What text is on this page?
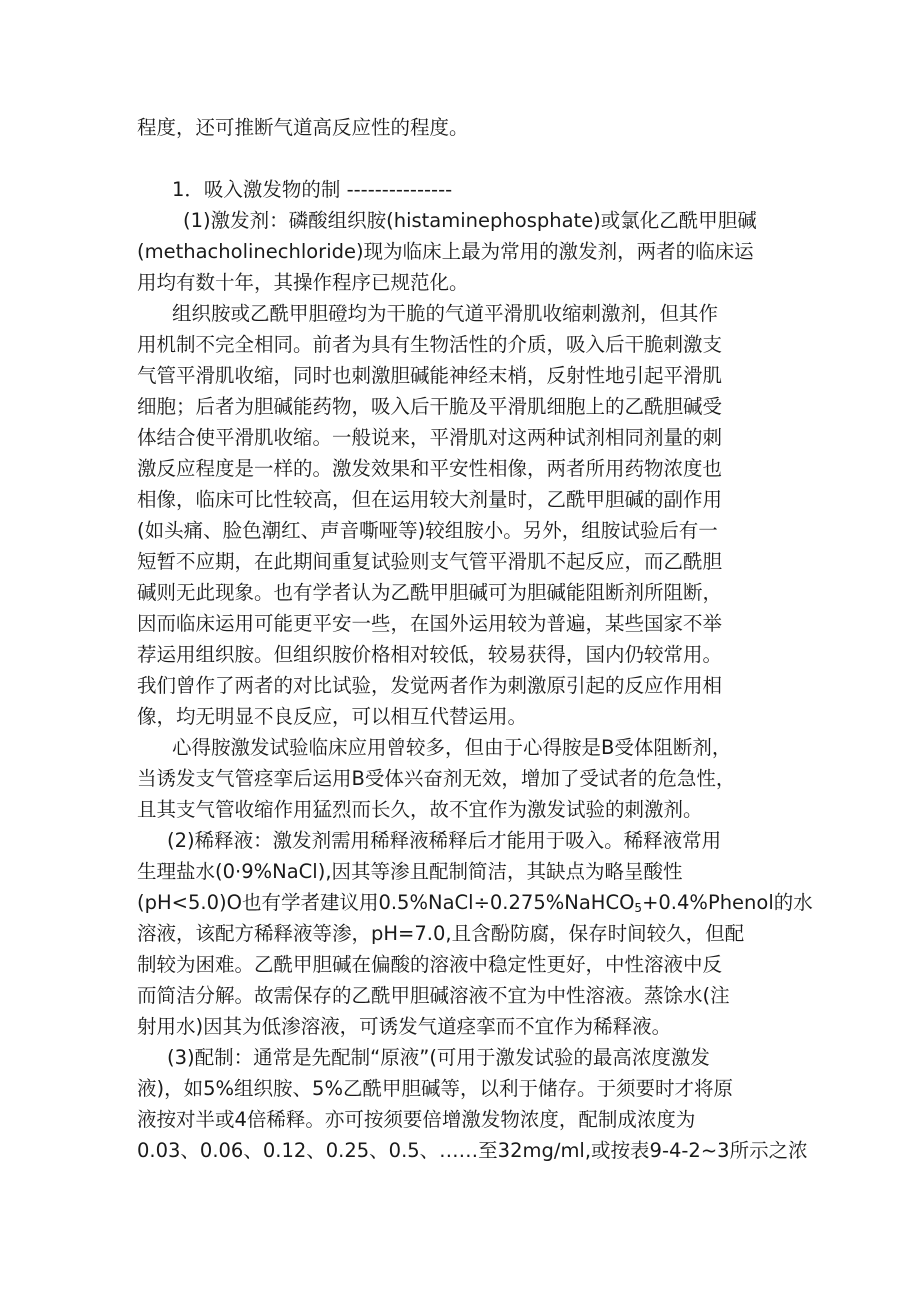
程度，还可推断气道高反应性的程度。
1．吸入激发物的制 ---------------
(1)激发剂：磷酸组织胺(histaminephosphate)或氯化乙酰甲胆碱
(methacholinechloride)现为临床上最为常用的激发剂，两者的临床运
用均有数十年，其操作程序已规范化。
组织胺或乙酰甲胆磴均为干脆的气道平滑肌收缩刺激剂，但其作
用机制不完全相同。前者为具有生物活性的介质，吸入后干脆刺激支
气管平滑肌收缩，同时也刺激胆碱能神经末梢，反射性地引起平滑肌
细胞；后者为胆碱能药物，吸入后干脆及平滑肌细胞上的乙酰胆碱受
体结合使平滑肌收缩。一般说来，平滑肌对这两种试剂相同剂量的刺
激反应程度是一样的。激发效果和平安性相像，两者所用药物浓度也
相像，临床可比性较高，但在运用较大剂量时，乙酰甲胆碱的副作用
(如头痛、脸色潮红、声音嘶哑等)较组胺小。另外，组胺试验后有一
短暂不应期，在此期间重复试验则支气管平滑肌不起反应，而乙酰胆
碱则无此现象。也有学者认为乙酰甲胆碱可为胆碱能阻断剂所阻断，
因而临床运用可能更平安一些，在国外运用较为普遍，某些国家不举
荐运用组织胺。但组织胺价格相对较低，较易获得，国内仍较常用。
我们曾作了两者的对比试验，发觉两者作为刺激原引起的反应作用相
像，均无明显不良反应，可以相互代替运用。
心得胺激发试验临床应用曾较多，但由于心得胺是B受体阻断剂，
当诱发支气管痉挛后运用B受体兴奋剂无效，增加了受试者的危急性，
且其支气管收缩作用猛烈而长久，故不宜作为激发试验的刺激剂。
(2)稀释液：激发剂需用稀释液稀释后才能用于吸入。稀释液常用
生理盐水(0·9%NaCl),因其等渗且配制简洁，其缺点为略呈酸性
(pH<5.0)O也有学者建议用0.5%NaCl÷0.275%NaHCO$_5$+0.4%Phenol的水
溶液，该配方稀释液等渗，pH=7.0,且含酚防腐，保存时间较久，但配
制较为困难。乙酰甲胆碱在偏酸的溶液中稳定性更好，中性溶液中反
而简洁分解。故需保存的乙酰甲胆碱溶液不宜为中性溶液。蒸馀水(注
射用水)因其为低渗溶液，可诱发气道痉挛而不宜作为稀释液。
(3)配制：通常是先配制“原液”(可用于激发试验的最高浓度激发
液)，如5%组织胺、5%乙酰甲胆碱等，以利于储存。于须要时才将原
液按对半或4倍稀释。亦可按须要倍增激发物浓度，配制成浓度为
0.03、0.06、0.12、0.25、0.5、……至32mg∕ml,或按表9-4-2~3所示之浓
